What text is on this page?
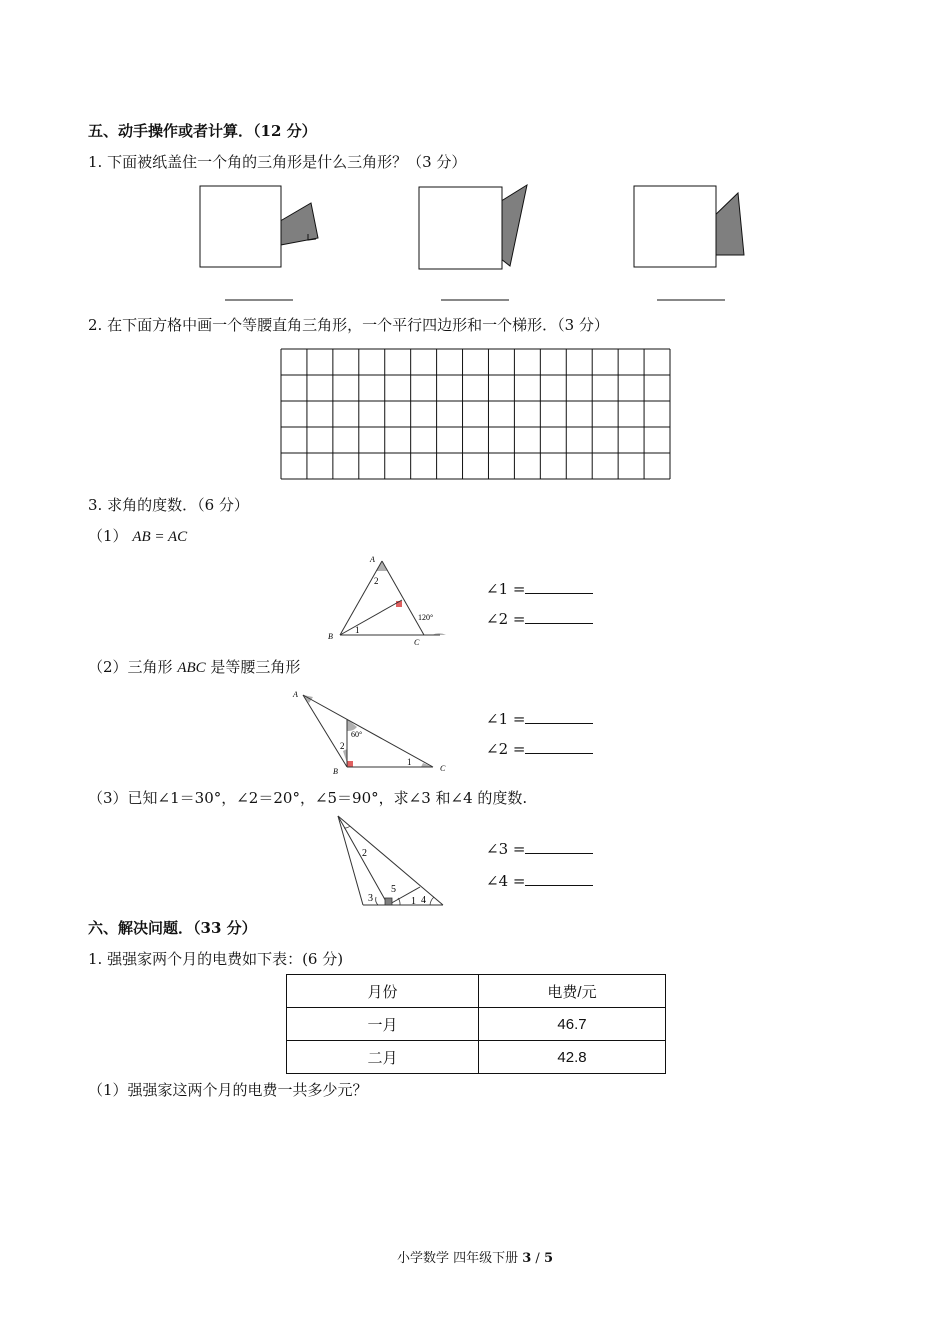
五、动手操作或者计算．（12 分）
1. 下面被纸盖住一个角的三角形是什么三角形？（3 分）
2. 在下面方格中画一个等腰直角三角形，一个平行四边形和一个梯形．（3 分）
3. 求角的度数．（6 分）
（1） AB = AC
A
B
C
1
2
120°
∠1 =
∠2 =
（2）三角形 ABC 是等腰三角形
A
B	C
1
2
60°
∠1 =
∠2 =
（3）已知∠1＝30°，∠2＝20°，∠5＝90°，求∠3 和∠4 的度数.
2
3
5
1 4
∠3 =
∠4 =
六、解决问题．（33 分）
1. 强强家两个月的电费如下表：(6 分)
月份	电费/元
一月	46.7
二月	42.8
（1）强强家这两个月的电费一共多少元？
小学数学 四年级下册 3 / 5
